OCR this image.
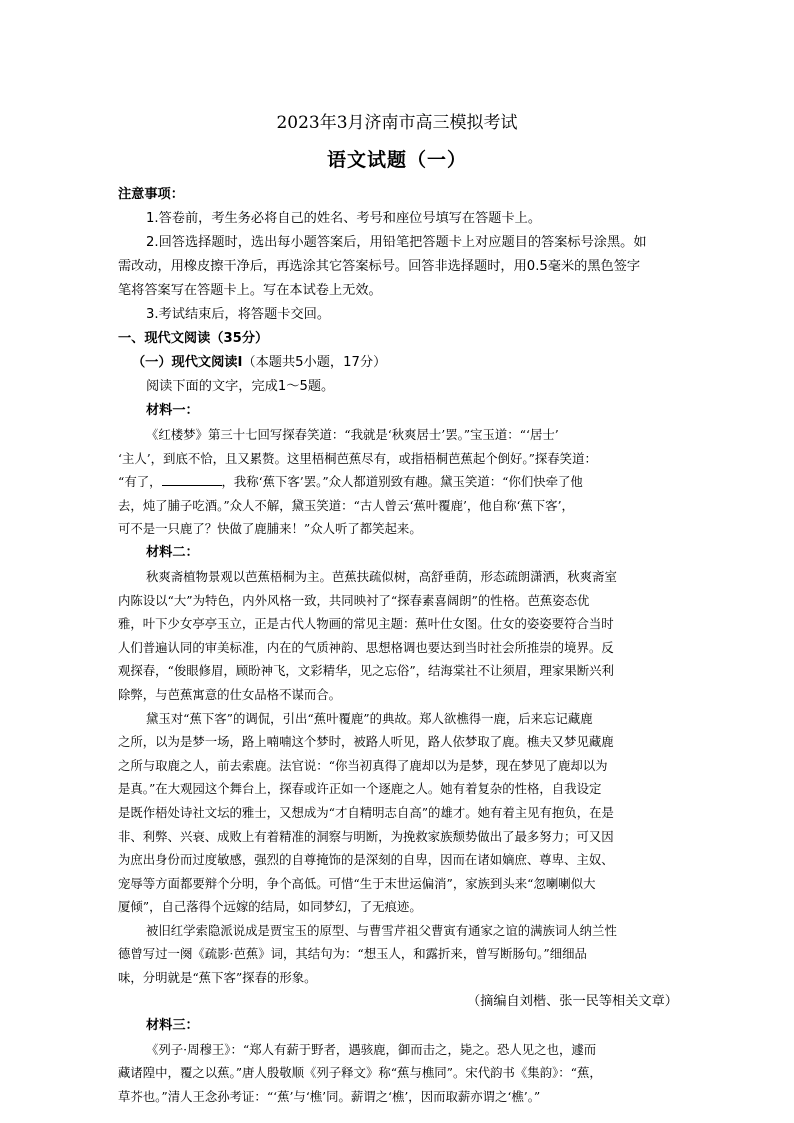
2023年3月济南市高三模拟考试
语文试题（一）

注意事项：

1.答卷前，考生务必将自己的姓名、考号和座位号填写在答题卡上。

2.回答选择题时，选出每小题答案后，用铅笔把答题卡上对应题目的答案标号涂黑。如

需改动，用橡皮擦干净后，再选涂其它答案标号。回答非选择题时，用0.5毫米的黑色签字

笔将答案写在答题卡上。写在本试卷上无效。

3.考试结束后，将答题卡交回。

一、现代文阅读（35分）

（一）现代文阅读Ⅰ（本题共5小题，17分）

阅读下面的文字，完成1～5题。

材料一：

《红楼梦》第三十七回写探春笑道：“我就是‘秋爽居士’罢。”宝玉道：“‘居士’

‘主人’，到底不恰，且又累赘。这里梧桐芭蕉尽有，或指梧桐芭蕉起个倒好。”探春笑道：

“有了，	，我称‘蕉下客’罢。”众人都道别致有趣。黛玉笑道：“你们快牵了他

去，炖了脯子吃酒。”众人不解，黛玉笑道：“古人曾云‘蕉叶覆鹿’，他自称‘蕉下客’，

可不是一只鹿了？快做了鹿脯来！”众人听了都笑起来。

材料二：

秋爽斋植物景观以芭蕉梧桐为主。芭蕉扶疏似树，高舒垂荫，形态疏朗潇洒，秋爽斋室

内陈设以“大”为特色，内外风格一致，共同映衬了“探春素喜阔朗”的性格。芭蕉姿态优

雅，叶下少女亭亭玉立，正是古代人物画的常见主题：蕉叶仕女图。仕女的姿姿要符合当时

人们普遍认同的审美标准，内在的气质神韵、思想格调也要达到当时社会所推崇的境界。反

观探春，“俊眼修眉，顾盼神飞，文彩精华，见之忘俗”，结海棠社不让须眉，理家果断兴利

除弊，与芭蕉寓意的仕女品格不谋而合。

黛玉对“蕉下客”的调侃，引出“蕉叶覆鹿”的典故。郑人欲樵得一鹿，后来忘记藏鹿

之所，以为是梦一场，路上喃喃这个梦时，被路人听见，路人依梦取了鹿。樵夫又梦见藏鹿

之所与取鹿之人，前去索鹿。法官说：“你当初真得了鹿却以为是梦，现在梦见了鹿却以为

是真。”在大观园这个舞台上，探春或许正如一个逐鹿之人。她有着复杂的性格，自我设定

是既作梧处诗社文坛的雅士，又想成为“才自精明志自高”的雄才。她有着主见有抱负，在是

非、利弊、兴衰、成败上有着精准的洞察与明断，为挽救家族颓势做出了最多努力；可又因

为庶出身份而过度敏感，强烈的自尊掩饰的是深刻的自卑，因而在诸如嫡庶、尊卑、主奴、

宠辱等方面都要辩个分明，争个高低。可惜“生于末世运偏消”，家族到头来“忽喇喇似大

厦倾”，自己落得个远嫁的结局，如同梦幻，了无痕迹。

被旧红学索隐派说成是贾宝玉的原型、与曹雪芹祖父曹寅有通家之谊的满族词人纳兰性

德曾写过一阕《疏影·芭蕉》词，其结句为：“想玉人，和露折来，曾写断肠句。”细细品

味，分明就是“蕉下客”探春的形象。

（摘编自刘楷、张一民等相关文章）

材料三：

《列子·周穆王》：“郑人有薪于野者，遇骇鹿，御而击之，毙之。恐人见之也，遽而

藏诸隍中，覆之以蕉。”唐人殷敬顺《列子释文》称“蕉与樵同”。宋代韵书《集韵》：“蕉，

草芥也。”清人王念孙考证：“‘蕉’与‘樵’同。薪谓之‘樵’，因而取薪亦谓之‘樵’。”
